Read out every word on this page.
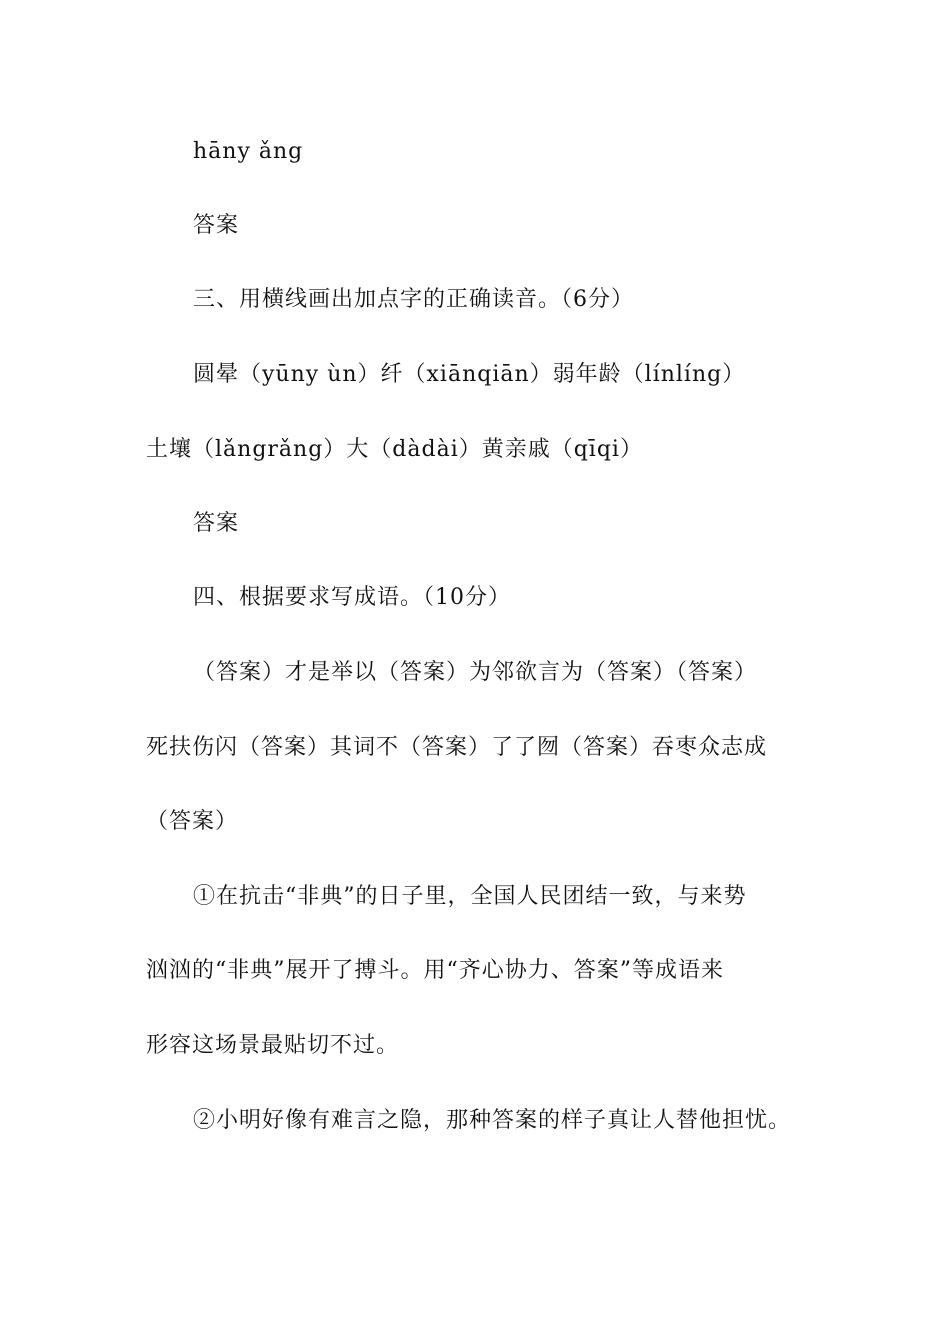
hāny ǎng
答案
三、用横线画出加点字的正确读音。（6分）
圆晕（yūny ùn）纤（xiānqiān）弱年龄（línlíng）
土壤（lǎngrǎng）大（dàdài）黄亲戚（qīqi）
答案
四、根据要求写成语。（10分）
（答案）才是举以（答案）为邻欲言为（答案）（答案）
死扶伤闪（答案）其词不（答案）了了囫（答案）吞枣众志成
（答案）
①在抗击“非典”的日子里，全国人民团结一致，与来势
汹汹的“非典”展开了搏斗。用“齐心协力、答案”等成语来
形容这场景最贴切不过。
②小明好像有难言之隐，那种答案的样子真让人替他担忧。
